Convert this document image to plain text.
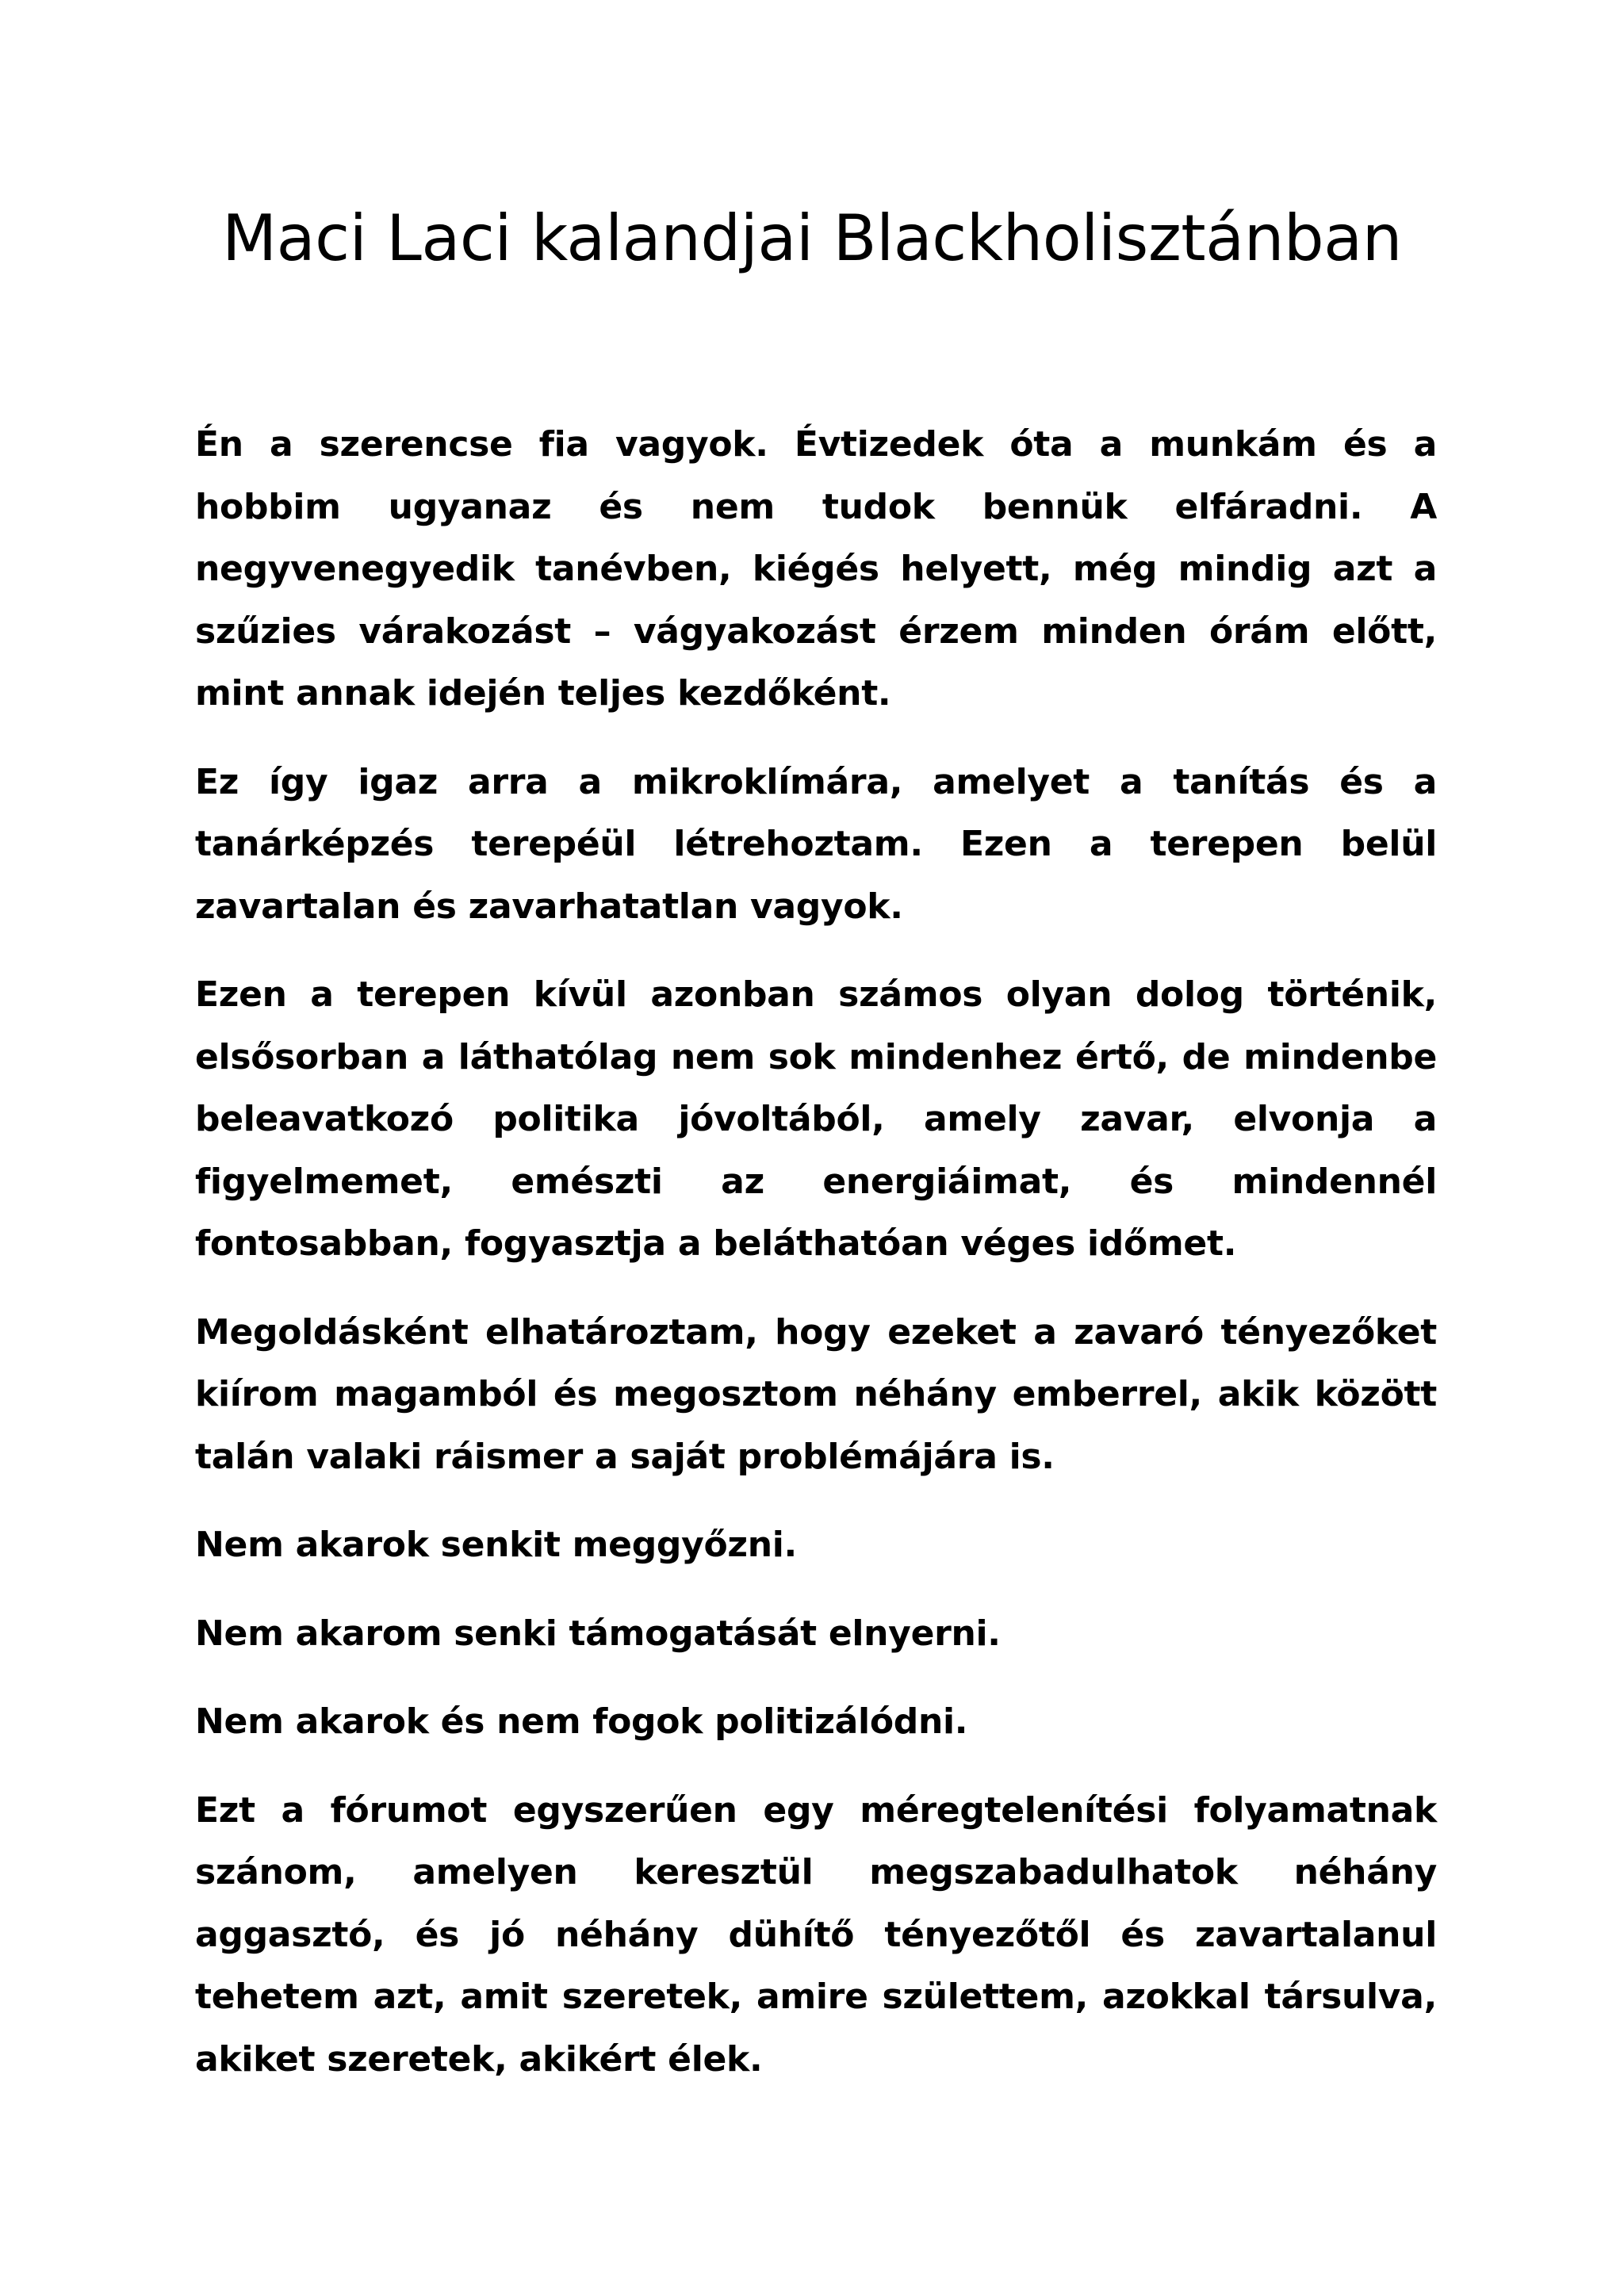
Maci Laci kalandjai Blackholisztánban

Én a szerencse fia vagyok. Évtizedek óta a munkám és a hobbim ugyanaz és nem tudok bennük elfáradni. A negyvenegyedik tanévben, kiégés helyett, még mindig azt a szűzies várakozást – vágyakozást érzem minden órám előtt, mint annak idején teljes kezdőként.

Ez így igaz arra a mikroklímára, amelyet a tanítás és a tanárképzés terepéül létrehoztam. Ezen a terepen belül zavartalan és zavarhatatlan vagyok.

Ezen a terepen kívül azonban számos olyan dolog történik, elsősorban a láthatólag nem sok mindenhez értő, de mindenbe beleavatkozó politika jóvoltából, amely zavar, elvonja a figyelmemet, emészti az energiáimat, és mindennél fontosabban, fogyasztja a beláthatóan véges időmet.

Megoldásként elhatároztam, hogy ezeket a zavaró tényezőket kiírom magamból és megosztom néhány emberrel, akik között talán valaki ráismer a saját problémájára is.

Nem akarok senkit meggyőzni.

Nem akarom senki támogatását elnyerni.

Nem akarok és nem fogok politizálódni.

Ezt a fórumot egyszerűen egy méregtelenítési folyamatnak szánom, amelyen keresztül megszabadulhatok néhány aggasztó, és jó néhány dühítő tényezőtől és zavartalanul tehetem azt, amit szeretek, amire születtem, azokkal társulva, akiket szeretek, akikért élek.
